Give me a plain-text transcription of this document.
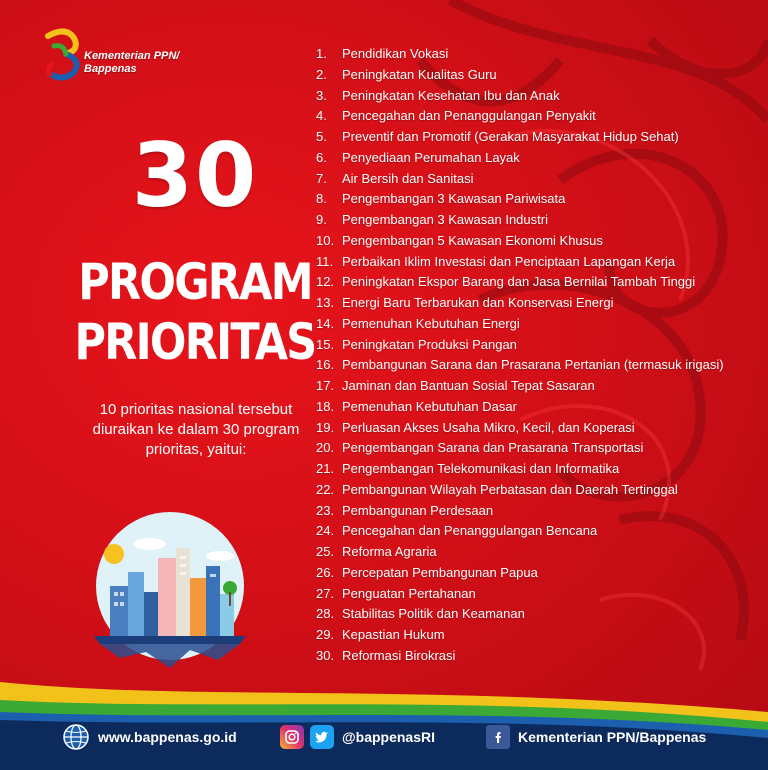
Kementerian PPN/
Bappenas
30
PROGRAM
PRIORITAS
10 prioritas nasional tersebut diuraikan ke dalam 30 program prioritas, yaitui:
1. Pendidikan Vokasi
2. Peningkatan Kualitas Guru
3. Peningkatan Kesehatan Ibu dan Anak
4. Pencegahan dan Penanggulangan Penyakit
5. Preventif dan Promotif (Gerakan Masyarakat Hidup Sehat)
6. Penyediaan Perumahan Layak
7. Air Bersih dan Sanitasi
8. Pengembangan 3 Kawasan Pariwisata
9. Pengembangan 3 Kawasan Industri
10. Pengembangan 5 Kawasan Ekonomi Khusus
11. Perbaikan Iklim Investasi dan Penciptaan Lapangan Kerja
12. Peningkatan Ekspor Barang dan Jasa Bernilai Tambah Tinggi
13. Energi Baru Terbarukan dan Konservasi Energi
14. Pemenuhan Kebutuhan Energi
15. Peningkatan Produksi Pangan
16. Pembangunan Sarana dan Prasarana Pertanian (termasuk irigasi)
17. Jaminan dan Bantuan Sosial Tepat Sasaran
18. Pemenuhan Kebutuhan Dasar
19. Perluasan Akses Usaha Mikro, Kecil, dan Koperasi
20. Pengembangan Sarana dan Prasarana Transportasi
21. Pengembangan Telekomunikasi dan Informatika
22. Pembangunan Wilayah Perbatasan dan Daerah Tertinggal
23. Pembangunan Perdesaan
24. Pencegahan dan Penanggulangan Bencana
25. Reforma Agraria
26. Percepatan Pembangunan Papua
27. Penguatan Pertahanan
28. Stabilitas Politik dan Keamanan
29. Kepastian Hukum
30. Reformasi Birokrasi
www.bappenas.go.id	@bappenasRI	Kementerian PPN/Bappenas
